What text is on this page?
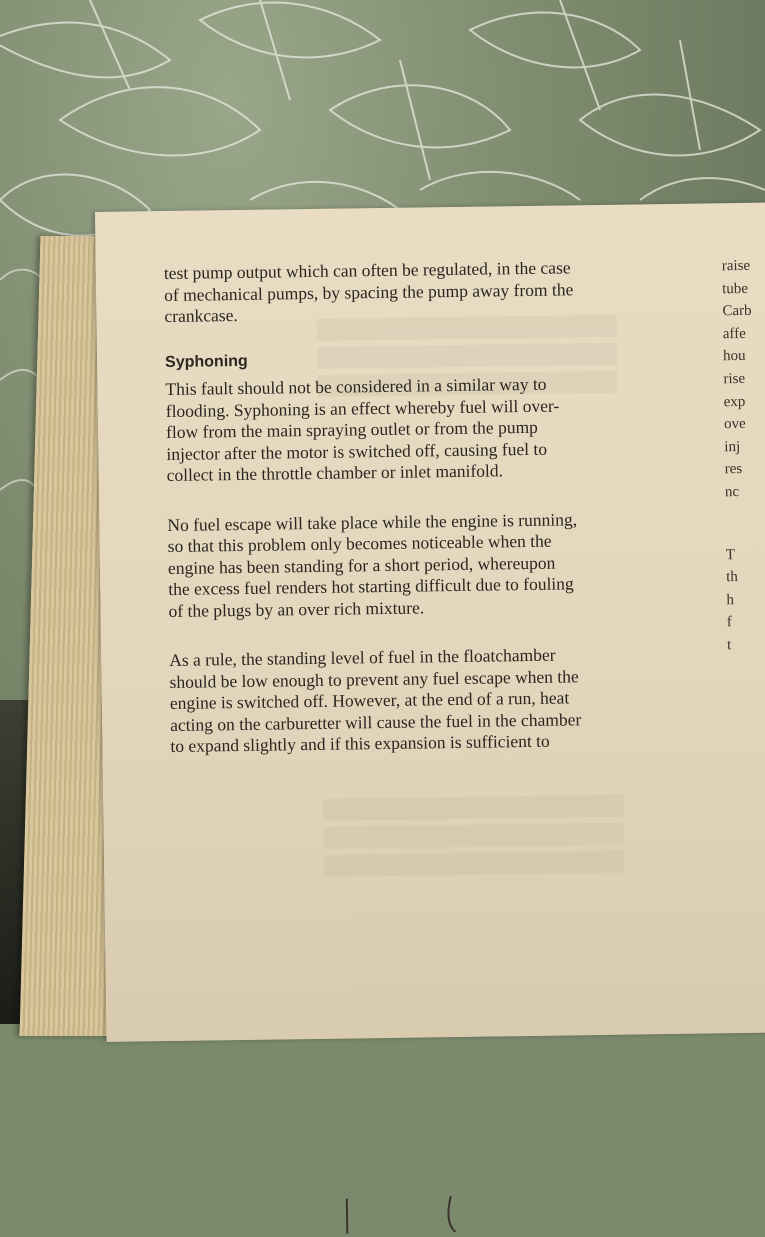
test pump output which can often be regulated, in the case
of mechanical pumps, by spacing the pump away from the
crankcase.

Syphoning

This fault should not be considered in a similar way to
flooding. Syphoning is an effect whereby fuel will over-
flow from the main spraying outlet or from the pump
injector after the motor is switched off, causing fuel to
collect in the throttle chamber or inlet manifold.

No fuel escape will take place while the engine is running,
so that this problem only becomes noticeable when the
engine has been standing for a short period, whereupon
the excess fuel renders hot starting difficult due to fouling
of the plugs by an over rich mixture.

As a rule, the standing level of fuel in the floatchamber
should be low enough to prevent any fuel escape when the
engine is switched off. However, at the end of a run, heat
acting on the carburetter will cause the fuel in the chamber
to expand slightly and if this expansion is sufficient to

raise
tube
Carb
affe
hou
rise
exp
ove
inj
res
nc
T
th
h
f
t
